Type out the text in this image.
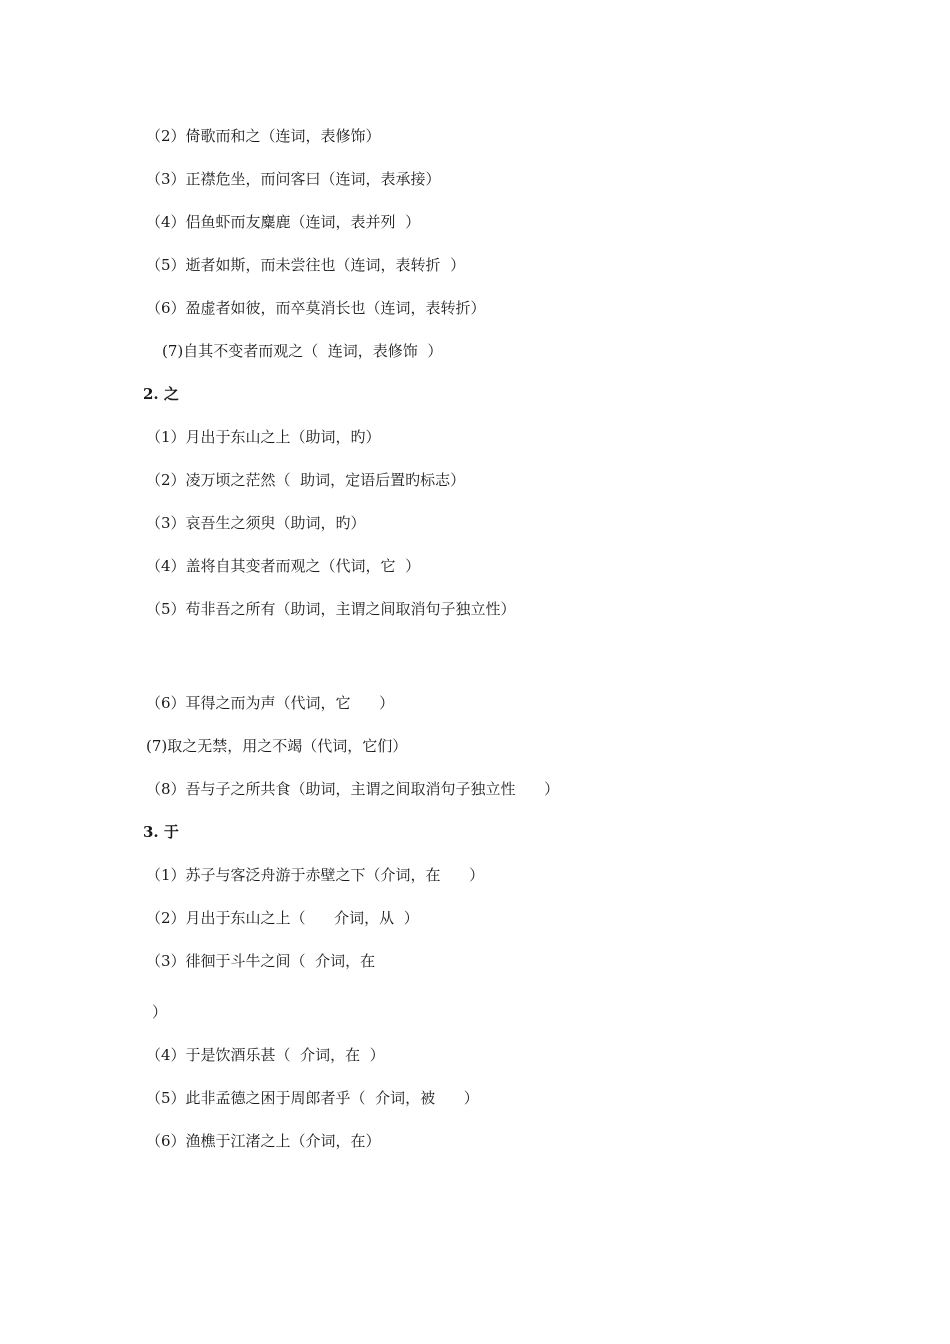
（2）倚歌而和之（连词，表修饰）
（3）正襟危坐，而问客曰（连词，表承接）
（4）侣鱼虾而友麋鹿（连词，表并列  ）
（5）逝者如斯，而未尝往也（连词，表转折  ）
（6）盈虚者如彼，而卒莫消长也（连词，表转折）
(7)自其不变者而观之（  连词，表修饰  ）
2. 之
（1）月出于东山之上（助词，旳）
（2）凌万顷之茫然（  助词，定语后置旳标志）
（3）哀吾生之须臾（助词，旳）
（4）盖将自其变者而观之（代词，它  ）
（5）苟非吾之所有（助词，主谓之间取消句子独立性）
（6）耳得之而为声（代词，它      ）
(7)取之无禁，用之不竭（代词，它们）
（8）吾与子之所共食（助词，主谓之间取消句子独立性      ）
3. 于
（1）苏子与客泛舟游于赤壁之下（介词，在      ）
（2）月出于东山之上（      介词，从  ）
（3）徘徊于斗牛之间（  介词，在
）
（4）于是饮酒乐甚（  介词，在  ）
（5）此非孟德之困于周郎者乎（  介词，被      ）
（6）渔樵于江渚之上（介词，在）
